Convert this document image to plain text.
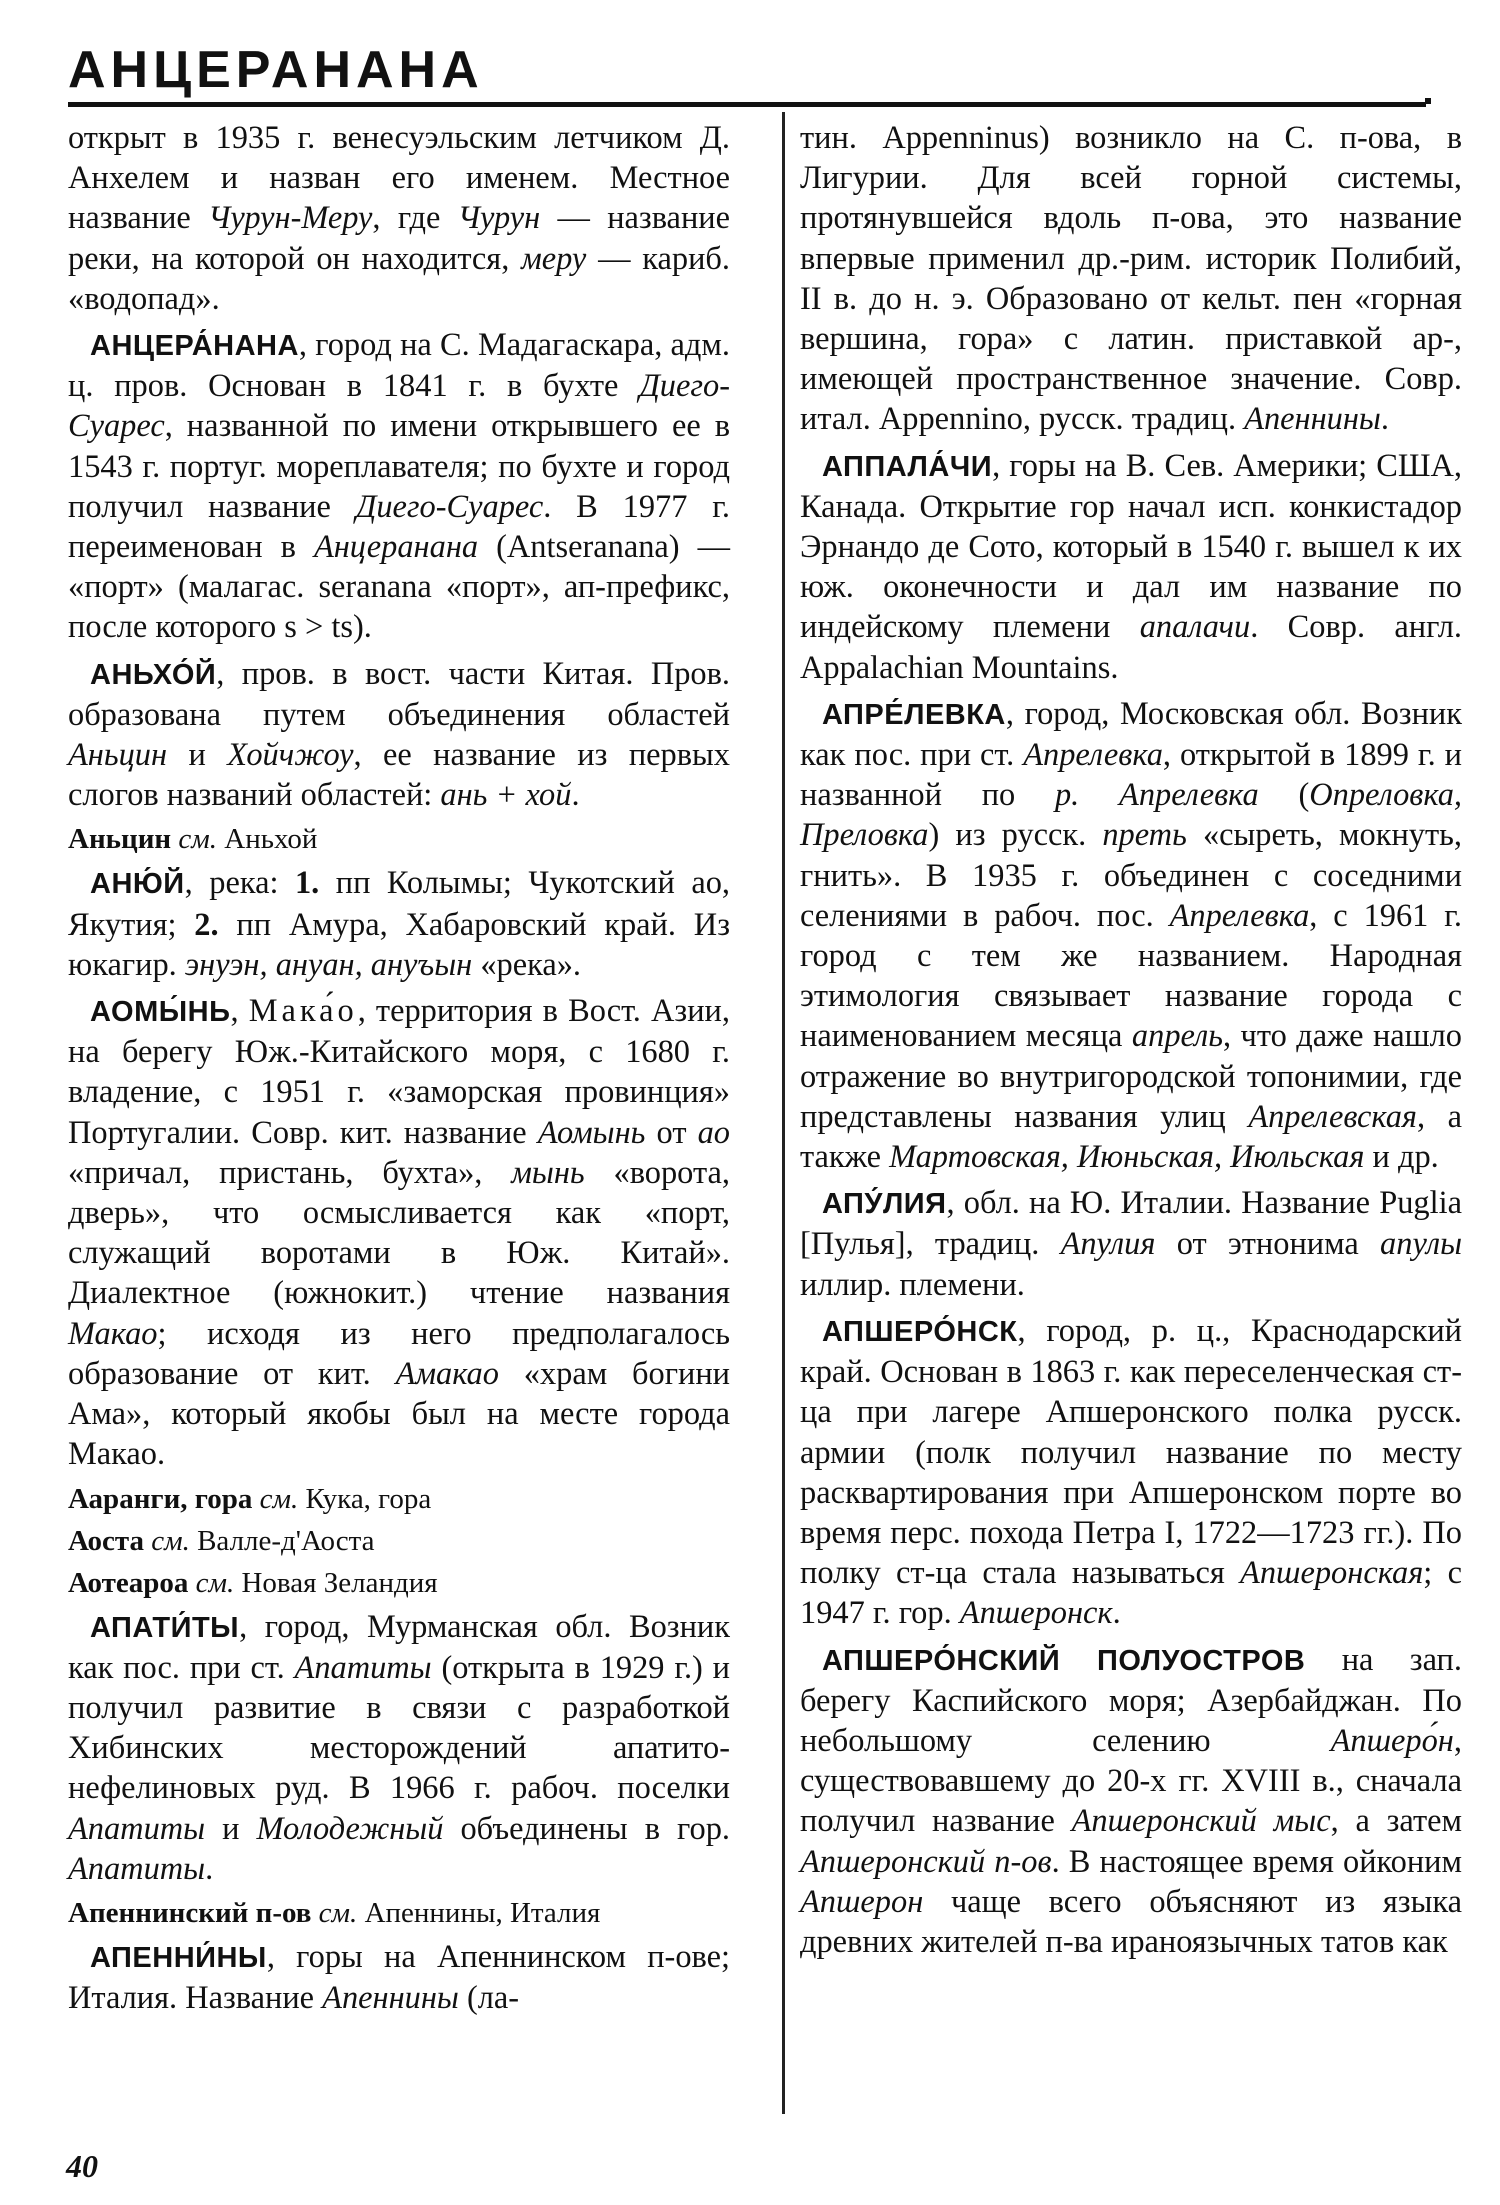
АНЦЕРАНАНА

открыт в 1935 г. венесуэльским летчиком Д. Анхелем и назван его именем. Местное название Чурун-Меру, где Чурун — название реки, на которой он находится, меру — кариб. «водопад».

АНЦЕРА́НАНА, город на С. Мадагаскара, адм. ц. пров. Основан в 1841 г. в бухте Диего-Суарес, названной по имени открывшего ее в 1543 г. португ. мореплавателя; по бухте и город получил название Диего-Суарес. В 1977 г. переименован в Анцеранана (Antseranana) — «порт» (малагас. seranana «порт», ап-префикс, после которого s > ts).

АНЬХО́Й, пров. в вост. части Китая. Пров. образована путем объединения областей Аньцин и Хойчжоу, ее название из первых слогов названий областей: ань + хой.

Аньцин см. Аньхой

АНЮ́Й, река: 1. пп Колымы; Чукотский ао, Якутия; 2. пп Амура, Хабаровский край. Из юкагир. энуэн, ануан, ануъын «река».

АОМЫ́НЬ, Мака́о, территория в Вост. Азии, на берегу Юж.-Китайского моря, с 1680 г. владение, с 1951 г. «заморская провинция» Португалии. Совр. кит. название Аомынь от ао «причал, пристань, бухта», мынь «ворота, дверь», что осмысливается как «порт, служащий воротами в Юж. Китай». Диалектное (южнокит.) чтение названия Макао; исходя из него предполагалось образование от кит. Амакао «храм богини Ама», который якобы был на месте города Макао.

Ааранги, гора см. Кука, гора

Аоста см. Валле-д'Аоста

Аотеароа см. Новая Зеландия

АПАТИ́ТЫ, город, Мурманская обл. Возник как пос. при ст. Апатиты (открыта в 1929 г.) и получил развитие в связи с разработкой Хибинских месторождений апатито-нефелиновых руд. В 1966 г. рабоч. поселки Апатиты и Молодежный объединены в гор. Апатиты.

Апеннинский п-ов см. Апеннины, Италия

АПЕННИ́НЫ, горы на Апеннинском п-ове; Италия. Название Апеннины (ла-

тин. Appenninus) возникло на С. п-ова, в Лигурии. Для всей горной системы, протянувшейся вдоль п-ова, это название впервые применил др.-рим. историк Полибий, II в. до н. э. Образовано от кельт. пен «горная вершина, гора» с латин. приставкой ар-, имеющей пространственное значение. Совр. итал. Appennino, русск. традиц. Апеннины.

АППАЛА́ЧИ, горы на В. Сев. Америки; США, Канада. Открытие гор начал исп. конкистадор Эрнандо де Сото, который в 1540 г. вышел к их юж. оконечности и дал им название по индейскому племени апалачи. Совр. англ. Appalachian Mountains.

АПРЕ́ЛЕВКА, город, Московская обл. Возник как пос. при ст. Апрелевка, открытой в 1899 г. и названной по р. Апрелевка (Опреловка, Преловка) из русск. преть «сыреть, мокнуть, гнить». В 1935 г. объединен с соседними селениями в рабоч. пос. Апрелевка, с 1961 г. город с тем же названием. Народная этимология связывает название города с наименованием месяца апрель, что даже нашло отражение во внутригородской топонимии, где представлены названия улиц Апрелевская, а также Мартовская, Июньская, Июльская и др.

АПУ́ЛИЯ, обл. на Ю. Италии. Название Puglia [Пулья], традиц. Апулия от этнонима апулы иллир. племени.

АПШЕРО́НСК, город, р. ц., Краснодарский край. Основан в 1863 г. как переселенческая ст-ца при лагере Апшеронского полка русск. армии (полк получил название по месту расквартирования при Апшеронском порте во время перс. похода Петра I, 1722—1723 гг.). По полку ст-ца стала называться Апшеронская; с 1947 г. гор. Апшеронск.

АПШЕРО́НСКИЙ ПОЛУОСТРОВ на зап. берегу Каспийского моря; Азербайджан. По небольшому селению Апшеро́н, существовавшему до 20-х гг. XVIII в., сначала получил название Апшеронский мыс, а затем Апшеронский п-ов. В настоящее время ойконим Апшерон чаще всего объясняют из языка древних жителей п-ва ираноязычных татов как

40
